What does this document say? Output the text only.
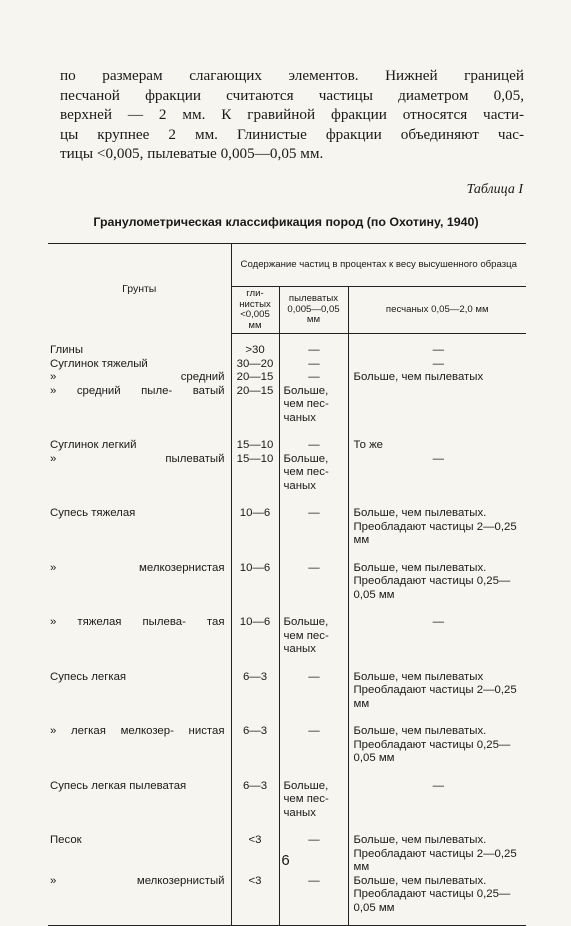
по размерам слагающих элементов. Нижней границей

песчаной фракции считаются частицы диаметром 0,05,

верхней — 2 мм. К гравийной фракции относятся части-

цы крупнее 2 мм. Глинистые фракции объединяют час-

тицы <0,005, пылеватые 0,005—0,05 мм.

Таблица I
Гранулометрическая классификация пород (по Охотину, 1940)
Грунты	Содержание частиц в процентах к весу высушенного образца		
	гли- нистых <0,005 мм	пылеватых 0,005—0,05 мм	песчаных 0,05—2,0 мм
Глины	>30	—	—
Суглинок тяжелый	30—20	—	—
» средний	20—15	—	Больше, чем пылеватых
» средний пыле- ватый	20—15	Больше, чем пес- чаных	
Суглинок легкий	15—10	—	То же
» пылеватый	15—10	Больше, чем пес- чаных	—
Супесь тяжелая	10—6	—	Больше, чем пылеватых. Преобладают частицы 2—0,25 мм
» мелкозернистая	10—6	—	Больше, чем пылеватых. Преобладают частицы 0,25—0,05 мм
» тяжелая пылева- тая	10—6	Больше, чем пес- чаных	—
Супесь легкая	6—3	—	Больше, чем пылеватых Преобладают частицы 2—0,25 мм
» легкая мелкозер- нистая	6—3	—	Больше, чем пылеватых. Преобладают частицы 0,25—0,05 мм
Супесь легкая пылеватая	6—3	Больше, чем пес- чаных	—
Песок	<3	—	Больше, чем пылеватых. Преобладают частицы 2—0,25 мм
» мелкозернистый	<3	—	Больше, чем пылеватых. Преобладают частицы 0,25—0,05 мм
6
